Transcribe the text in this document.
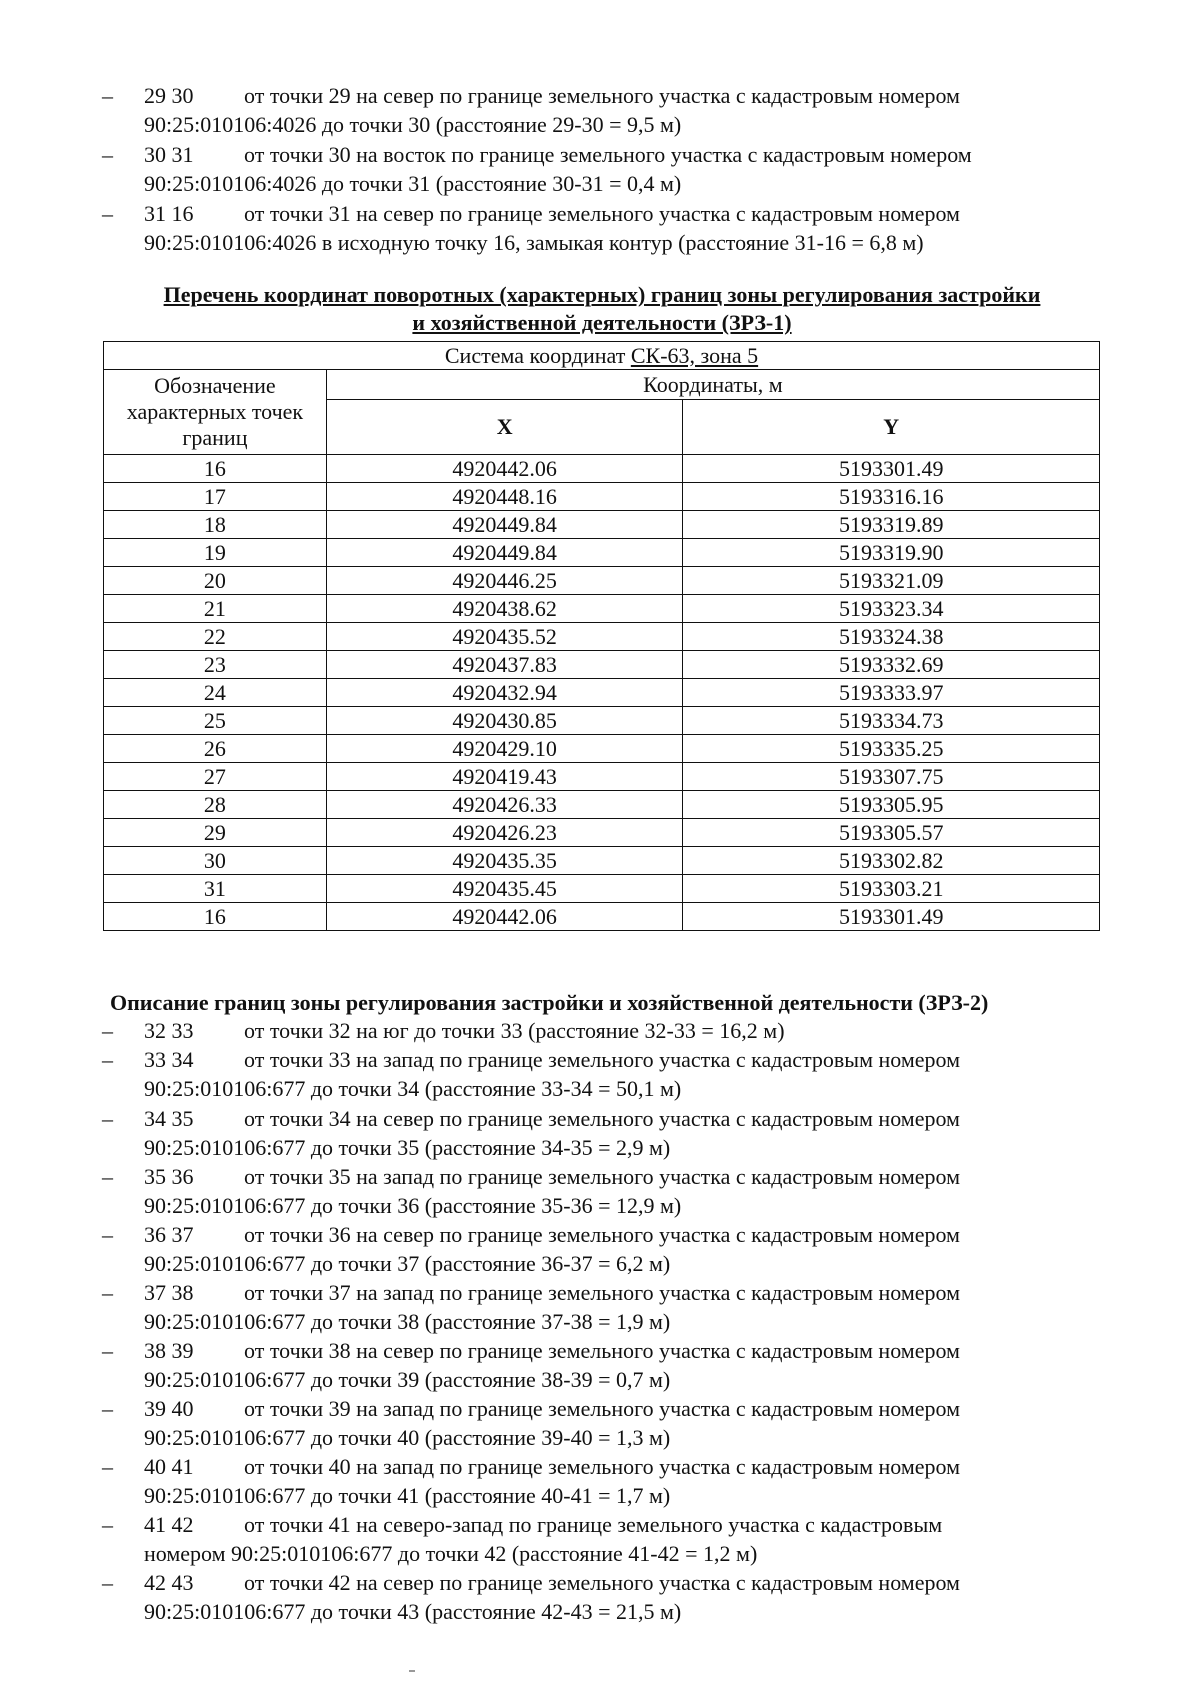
– 29 30 от точки 29 на север по границе земельного участка с кадастровым номером
90:25:010106:4026 до точки 30 (расстояние 29-30 = 9,5 м)
– 30 31 от точки 30 на восток по границе земельного участка с кадастровым номером
90:25:010106:4026 до точки 31 (расстояние 30-31 = 0,4 м)
– 31 16 от точки 31 на север по границе земельного участка с кадастровым номером
90:25:010106:4026 в исходную точку 16, замыкая контур (расстояние 31-16 = 6,8 м)
Перечень координат поворотных (характерных) границ зоны регулирования застройки
и хозяйственной деятельности (ЗРЗ-1)
Система координат СК-63, зона 5		
Обозначение характерных точек границ	Координаты, м	
	X	Y
16	4920442.06	5193301.49
17	4920448.16	5193316.16
18	4920449.84	5193319.89
19	4920449.84	5193319.90
20	4920446.25	5193321.09
21	4920438.62	5193323.34
22	4920435.52	5193324.38
23	4920437.83	5193332.69
24	4920432.94	5193333.97
25	4920430.85	5193334.73
26	4920429.10	5193335.25
27	4920419.43	5193307.75
28	4920426.33	5193305.95
29	4920426.23	5193305.57
30	4920435.35	5193302.82
31	4920435.45	5193303.21
16	4920442.06	5193301.49
Описание границ зоны регулирования застройки и хозяйственной деятельности (ЗРЗ-2)
– 32 33 от точки 32 на юг до точки 33 (расстояние 32-33 = 16,2 м)
– 33 34 от точки 33 на запад по границе земельного участка с кадастровым номером
90:25:010106:677 до точки 34 (расстояние 33-34 = 50,1 м)
– 34 35 от точки 34 на север по границе земельного участка с кадастровым номером
90:25:010106:677 до точки 35 (расстояние 34-35 = 2,9 м)
– 35 36 от точки 35 на запад по границе земельного участка с кадастровым номером
90:25:010106:677 до точки 36 (расстояние 35-36 = 12,9 м)
– 36 37 от точки 36 на север по границе земельного участка с кадастровым номером
90:25:010106:677 до точки 37 (расстояние 36-37 = 6,2 м)
– 37 38 от точки 37 на запад по границе земельного участка с кадастровым номером
90:25:010106:677 до точки 38 (расстояние 37-38 = 1,9 м)
– 38 39 от точки 38 на север по границе земельного участка с кадастровым номером
90:25:010106:677 до точки 39 (расстояние 38-39 = 0,7 м)
– 39 40 от точки 39 на запад по границе земельного участка с кадастровым номером
90:25:010106:677 до точки 40 (расстояние 39-40 = 1,3 м)
– 40 41 от точки 40 на запад по границе земельного участка с кадастровым номером
90:25:010106:677 до точки 41 (расстояние 40-41 = 1,7 м)
– 41 42 от точки 41 на северо-запад по границе земельного участка с кадастровым
номером 90:25:010106:677 до точки 42 (расстояние 41-42 = 1,2 м)
– 42 43 от точки 42 на север по границе земельного участка с кадастровым номером
90:25:010106:677 до точки 43 (расстояние 42-43 = 21,5 м)
